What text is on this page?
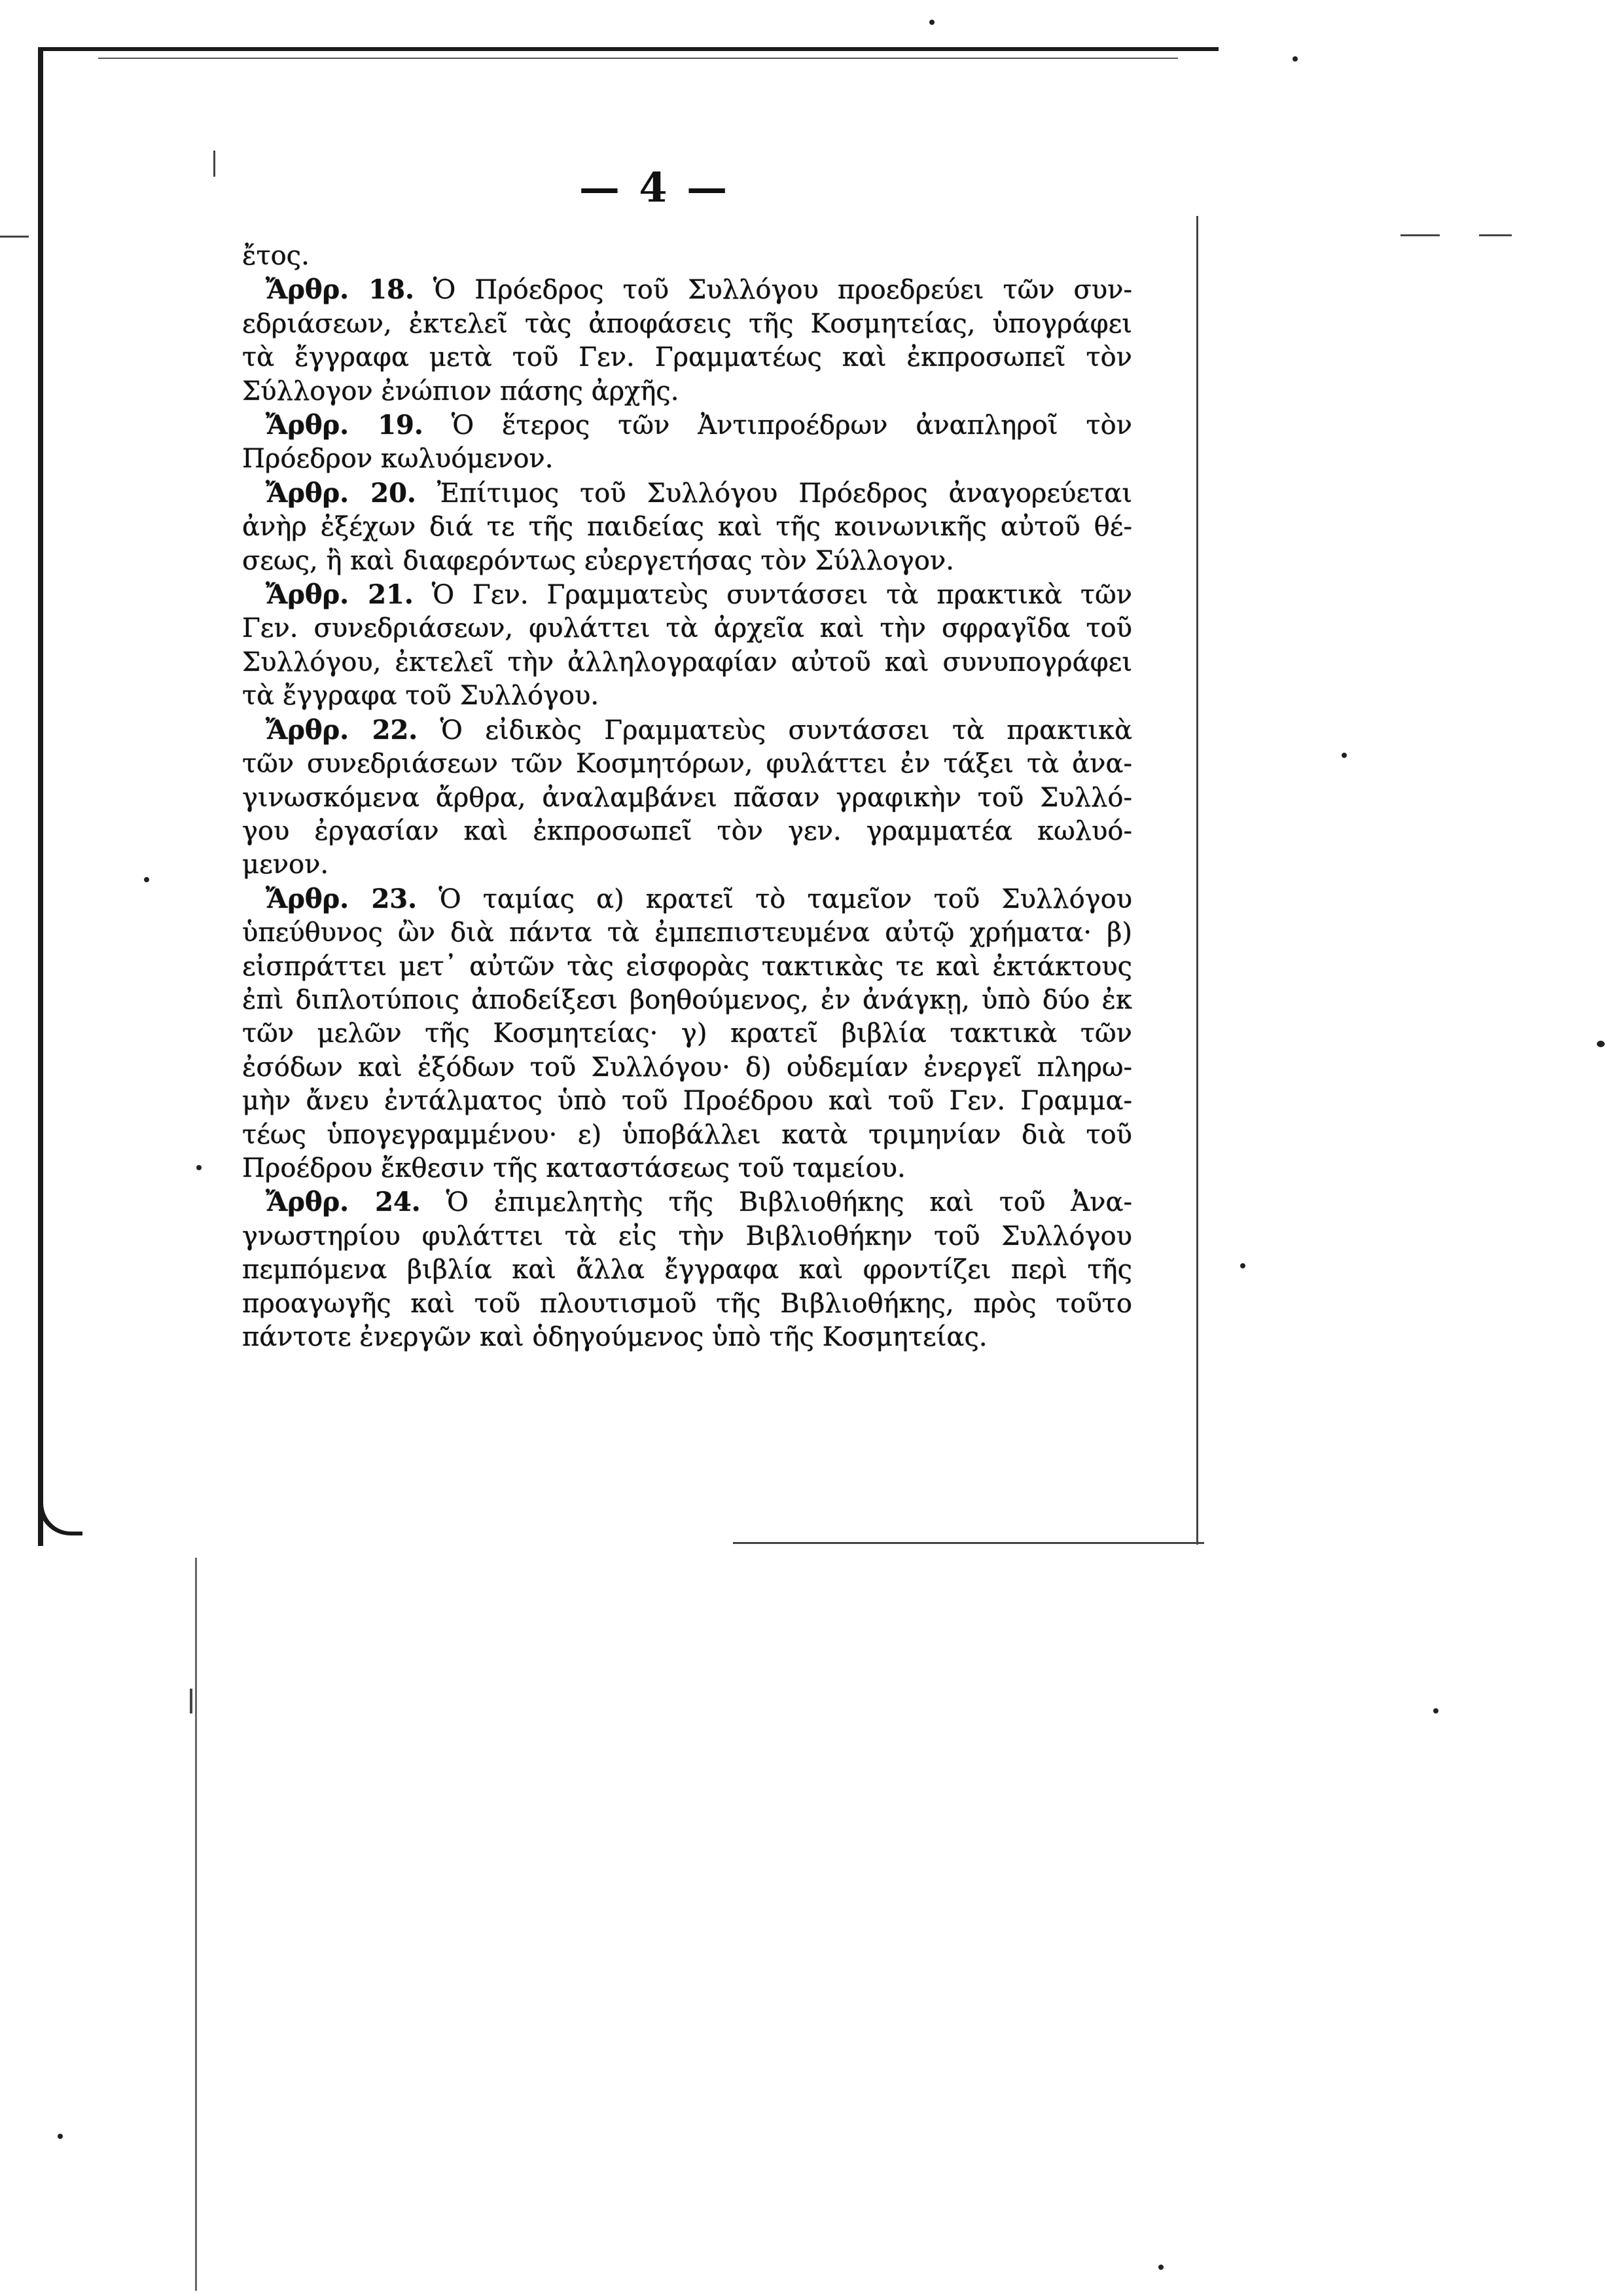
— 4 —
ἔτος.
Ἄρθρ. 18. Ὁ Πρόεδρος τοῦ Συλλόγου προεδρεύει τῶν συν-
εδριάσεων, ἐκτελεῖ τὰς ἀποφάσεις τῆς Κοσμητείας, ὑπογράφει
τὰ ἔγγραφα μετὰ τοῦ Γεν. Γραμματέως καὶ ἐκπροσωπεῖ τὸν
Σύλλογον ἐνώπιον πάσης ἀρχῆς.
Ἄρθρ. 19. Ὁ ἕτερος τῶν Ἀντιπροέδρων ἀναπληροῖ τὸν
Πρόεδρον κωλυόμενον.
Ἄρθρ. 20. Ἐπίτιμος τοῦ Συλλόγου Πρόεδρος ἀναγορεύεται
ἀνὴρ ἐξέχων διά τε τῆς παιδείας καὶ τῆς κοινωνικῆς αὐτοῦ θέ-
σεως, ἢ καὶ διαφερόντως εὐεργετήσας τὸν Σύλλογον.
Ἄρθρ. 21. Ὁ Γεν. Γραμματεὺς συντάσσει τὰ πρακτικὰ τῶν
Γεν. συνεδριάσεων, φυλάττει τὰ ἀρχεῖα καὶ τὴν σφραγῖδα τοῦ
Συλλόγου, ἐκτελεῖ τὴν ἀλληλογραφίαν αὐτοῦ καὶ συνυπογράφει
τὰ ἔγγραφα τοῦ Συλλόγου.
Ἄρθρ. 22. Ὁ εἰδικὸς Γραμματεὺς συντάσσει τὰ πρακτικὰ
τῶν συνεδριάσεων τῶν Κοσμητόρων, φυλάττει ἐν τάξει τὰ ἀνα-
γινωσκόμενα ἄρθρα, ἀναλαμβάνει πᾶσαν γραφικὴν τοῦ Συλλό-
γου ἐργασίαν καὶ ἐκπροσωπεῖ τὸν γεν. γραμματέα κωλυό-
μενον.
Ἄρθρ. 23. Ὁ ταμίας α) κρατεῖ τὸ ταμεῖον τοῦ Συλλόγου
ὑπεύθυνος ὢν διὰ πάντα τὰ ἐμπεπιστευμένα αὐτῷ χρήματα· β)
εἰσπράττει μετ᾽ αὐτῶν τὰς εἰσφορὰς τακτικὰς τε καὶ ἐκτάκτους
ἐπὶ διπλοτύποις ἀποδείξεσι βοηθούμενος, ἐν ἀνάγκῃ, ὑπὸ δύο ἐκ
τῶν μελῶν τῆς Κοσμητείας· γ) κρατεῖ βιβλία τακτικὰ τῶν
ἐσόδων καὶ ἐξόδων τοῦ Συλλόγου· δ) οὐδεμίαν ἐνεργεῖ πληρω-
μὴν ἄνευ ἐντάλματος ὑπὸ τοῦ Προέδρου καὶ τοῦ Γεν. Γραμμα-
τέως ὑπογεγραμμένου· ε) ὑποβάλλει κατὰ τριμηνίαν διὰ τοῦ
Προέδρου ἔκθεσιν τῆς καταστάσεως τοῦ ταμείου.
Ἄρθρ. 24. Ὁ ἐπιμελητὴς τῆς Βιβλιοθήκης καὶ τοῦ Ἀνα-
γνωστηρίου φυλάττει τὰ εἰς τὴν Βιβλιοθήκην τοῦ Συλλόγου
πεμπόμενα βιβλία καὶ ἄλλα ἔγγραφα καὶ φροντίζει περὶ τῆς
προαγωγῆς καὶ τοῦ πλουτισμοῦ τῆς Βιβλιοθήκης, πρὸς τοῦτο
πάντοτε ἐνεργῶν καὶ ὁδηγούμενος ὑπὸ τῆς Κοσμητείας.
